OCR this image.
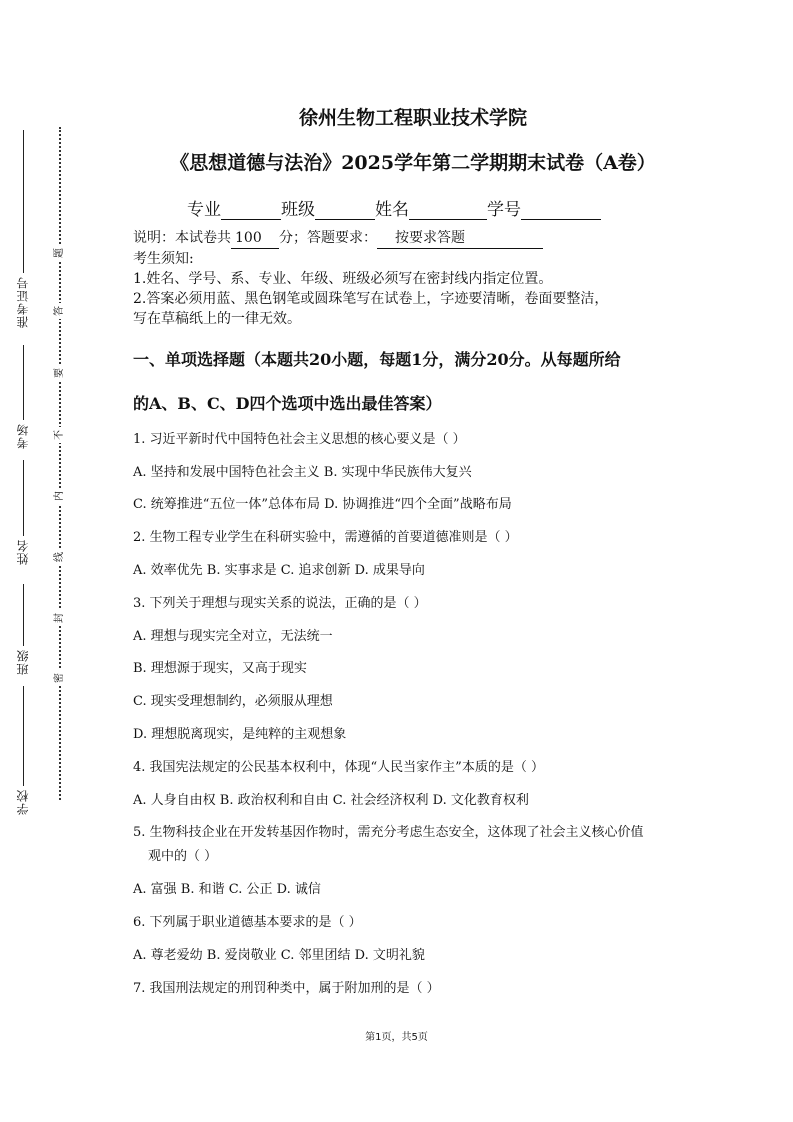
准考证号
考场
姓名
班级
学校
题
答
要
不
内
线
封
密
徐州生物工程职业技术学院
《思想道德与法治》2025学年第二学期期末试卷（A卷）
专业	班级	姓名	学号

说明：本试卷共 100 分；答题要求： 按要求答题

考生须知:

1.姓名、学号、系、专业、年级、班级必须写在密封线内指定位置。

2.答案必须用蓝、黑色钢笔或圆珠笔写在试卷上，字迹要清晰，卷面要整洁，

写在草稿纸上的一律无效。

一、单项选择题（本题共20小题，每题1分，满分20分。从每题所给
的A、B、C、D四个选项中选出最佳答案）

1. 习近平新时代中国特色社会主义思想的核心要义是（ ）

A. 坚持和发展中国特色社会主义 B. 实现中华民族伟大复兴

C. 统筹推进“五位一体”总体布局 D. 协调推进“四个全面”战略布局

2. 生物工程专业学生在科研实验中，需遵循的首要道德准则是（ ）

A. 效率优先 B. 实事求是 C. 追求创新 D. 成果导向

3. 下列关于理想与现实关系的说法，正确的是（ ）

A. 理想与现实完全对立，无法统一

B. 理想源于现实，又高于现实

C. 现实受理想制约，必须服从理想

D. 理想脱离现实，是纯粹的主观想象

4. 我国宪法规定的公民基本权利中，体现“人民当家作主”本质的是（ ）

A. 人身自由权 B. 政治权利和自由 C. 社会经济权利 D. 文化教育权利

5. 生物科技企业在开发转基因作物时，需充分考虑生态安全，这体现了社会主义核心价值

观中的（ ）

A. 富强 B. 和谐 C. 公正 D. 诚信

6. 下列属于职业道德基本要求的是（ ）

A. 尊老爱幼 B. 爱岗敬业 C. 邻里团结 D. 文明礼貌

7. 我国刑法规定的刑罚种类中，属于附加刑的是（ ）

第1页，共5页
